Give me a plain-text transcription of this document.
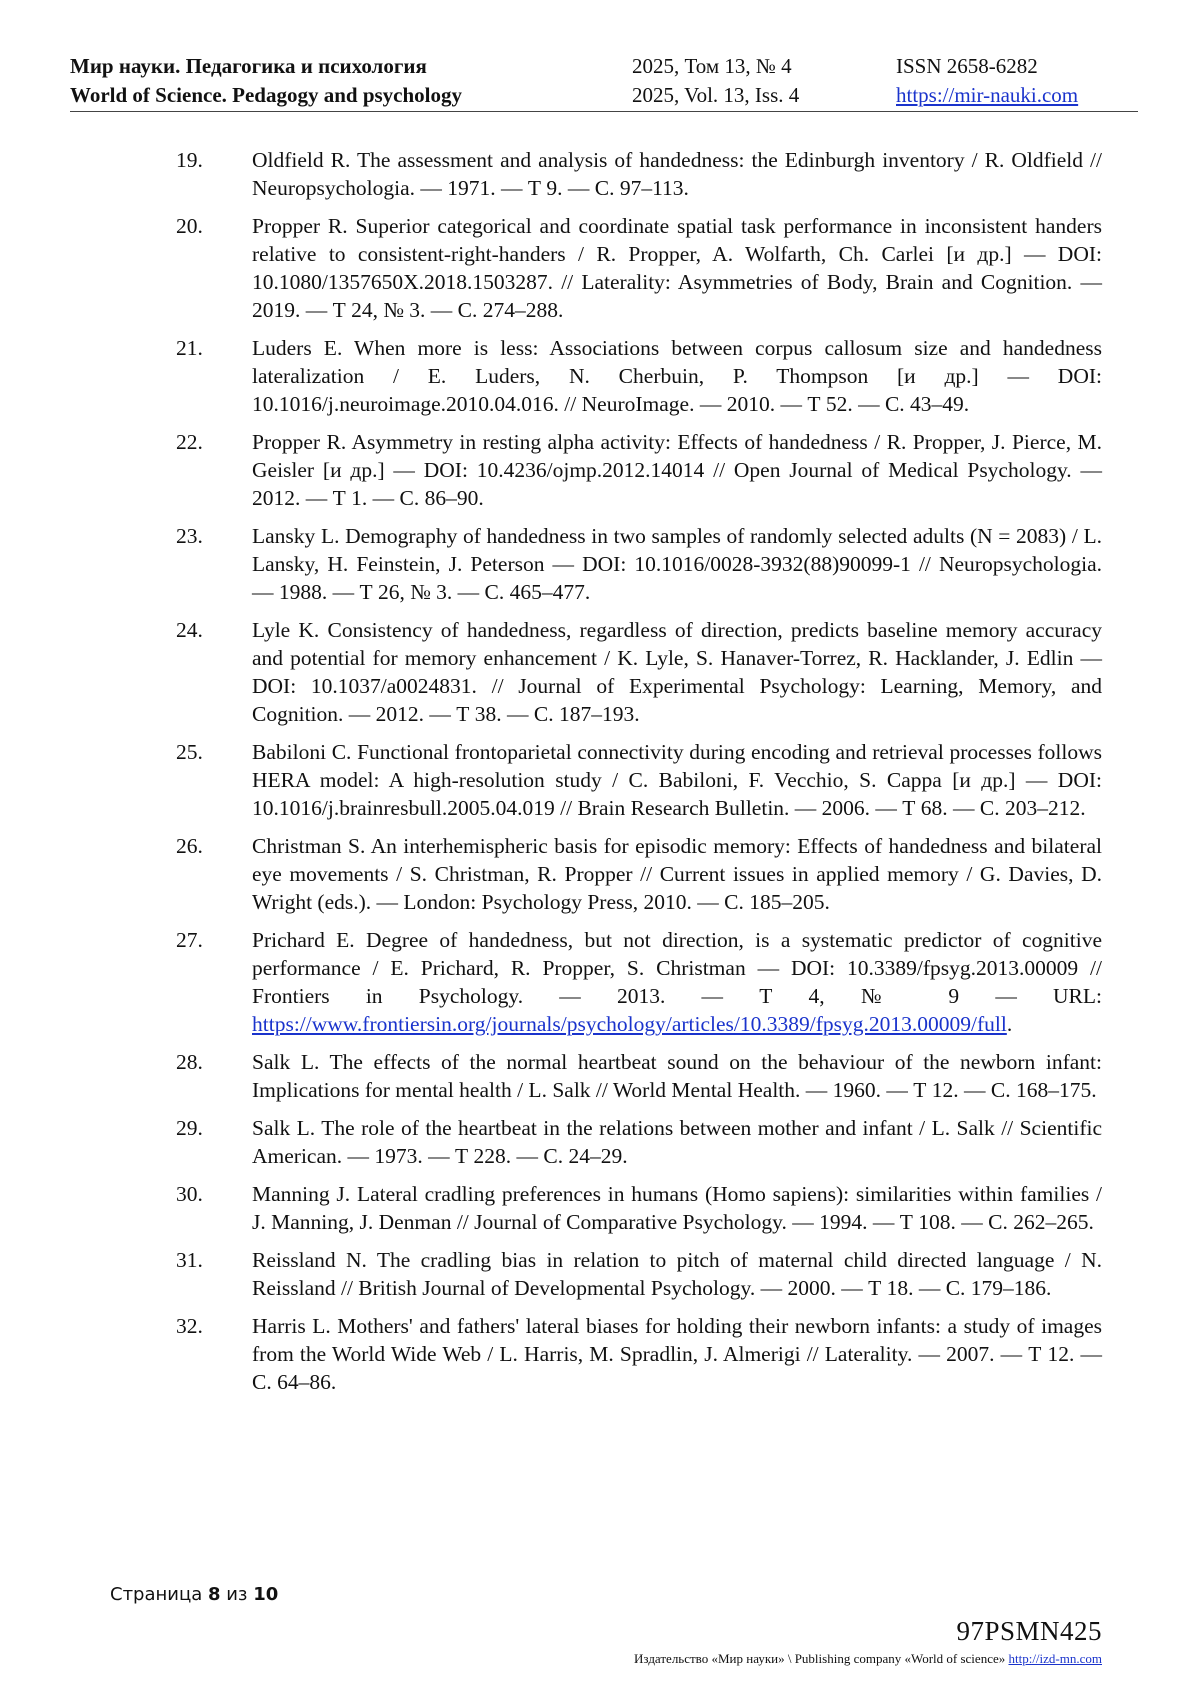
Мир науки. Педагогика и психология	2025, Том 13, № 4	ISSN 2658-6282
World of Science. Pedagogy and psychology	2025, Vol. 13, Iss. 4	https://mir-nauki.com
19.	Oldfield R. The assessment and analysis of handedness: the Edinburgh inventory / R. Oldfield // Neuropsychologia. — 1971. — Т 9. — С. 97–113.
20.	Propper R. Superior categorical and coordinate spatial task performance in inconsistent handers relative to consistent-right-handers / R. Propper, A. Wolfarth, Ch. Carlei [и др.] — DOI: 10.1080/1357650X.2018.1503287. // Laterality: Asymmetries of Body, Brain and Cognition. — 2019. — Т 24, № 3. — С. 274–288.
21.	Luders E. When more is less: Associations between corpus callosum size and handedness lateralization / E. Luders, N. Cherbuin, P. Thompson [и др.] — DOI: 10.1016/j.neuroimage.2010.04.016. // NeuroImage. — 2010. — Т 52. — С. 43–49.
22.	Propper R. Asymmetry in resting alpha activity: Effects of handedness / R. Propper, J. Pierce, M. Geisler [и др.] — DOI: 10.4236/ojmp.2012.14014 // Open Journal of Medical Psychology. — 2012. — Т 1. — С. 86–90.
23.	Lansky L. Demography of handedness in two samples of randomly selected adults (N = 2083) / L. Lansky, H. Feinstein, J. Peterson — DOI: 10.1016/0028-3932(88)90099-1 // Neuropsychologia. — 1988. — Т 26, № 3. — С. 465–477.
24.	Lyle K. Consistency of handedness, regardless of direction, predicts baseline memory accuracy and potential for memory enhancement / K. Lyle, S. Hanaver-Torrez, R. Hacklander, J. Edlin — DOI: 10.1037/a0024831. // Journal of Experimental Psychology: Learning, Memory, and Cognition. — 2012. — Т 38. — С. 187–193.
25.	Babiloni C. Functional frontoparietal connectivity during encoding and retrieval processes follows HERA model: A high-resolution study / C. Babiloni, F. Vecchio, S. Cappa [и др.] — DOI: 10.1016/j.brainresbull.2005.04.019 // Brain Research Bulletin. — 2006. — Т 68. — С. 203–212.
26.	Christman S. An interhemispheric basis for episodic memory: Effects of handedness and bilateral eye movements / S. Christman, R. Propper // Current issues in applied memory / G. Davies, D. Wright (eds.). — London: Psychology Press, 2010. — С. 185–205.
27.	Prichard E. Degree of handedness, but not direction, is a systematic predictor of cognitive performance / E. Prichard, R. Propper, S. Christman — DOI: 10.3389/fpsyg.2013.00009 // Frontiers in Psychology. — 2013. — Т 4, № 9 — URL: https://www.frontiersin.org/journals/psychology/articles/10.3389/fpsyg.2013.00009/full.
28.	Salk L. The effects of the normal heartbeat sound on the behaviour of the newborn infant: Implications for mental health / L. Salk // World Mental Health. — 1960. — Т 12. — С. 168–175.
29.	Salk L. The role of the heartbeat in the relations between mother and infant / L. Salk // Scientific American. — 1973. — Т 228. — С. 24–29.
30.	Manning J. Lateral cradling preferences in humans (Homo sapiens): similarities within families / J. Manning, J. Denman // Journal of Comparative Psychology. — 1994. — Т 108. — С. 262–265.
31.	Reissland N. The cradling bias in relation to pitch of maternal child directed language / N. Reissland // British Journal of Developmental Psychology. — 2000. — Т 18. — С. 179–186.
32.	Harris L. Mothers' and fathers' lateral biases for holding their newborn infants: a study of images from the World Wide Web / L. Harris, M. Spradlin, J. Almerigi // Laterality. — 2007. — Т 12. — С. 64–86.
Страница 8 из 10
97PSMN425
Издательство «Мир науки» \ Publishing company «World of science» http://izd-mn.com
